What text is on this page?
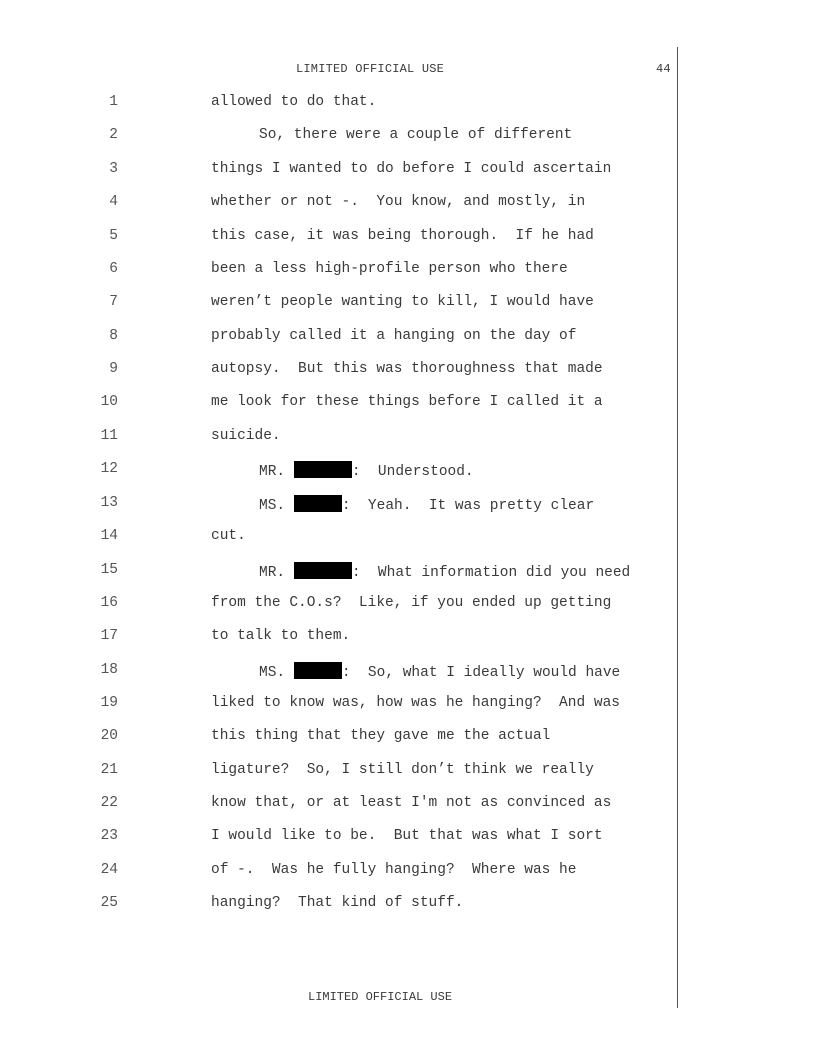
LIMITED OFFICIAL USE	44
1	allowed to do that.
2	So, there were a couple of different
3	things I wanted to do before I could ascertain
4	whether or not -.  You know, and mostly, in
5	this case, it was being thorough.  If he had
6	been a less high-profile person who there
7	weren’t people wanting to kill, I would have
8	probably called it a hanging on the day of
9	autopsy.  But this was thoroughness that made
10	me look for these things before I called it a
11	suicide.
12	MR.	:  Understood.
13	MS.	:  Yeah.  It was pretty clear
14	cut.
15	MR.	:  What information did you need
16	from the C.O.s?  Like, if you ended up getting
17	to talk to them.
18	MS.	:  So, what I ideally would have
19	liked to know was, how was he hanging?  And was
20	this thing that they gave me the actual
21	ligature?  So, I still don’t think we really
22	know that, or at least I'm not as convinced as
23	I would like to be.  But that was what I sort
24	of -.  Was he fully hanging?  Where was he
25	hanging?  That kind of stuff.
LIMITED OFFICIAL USE
